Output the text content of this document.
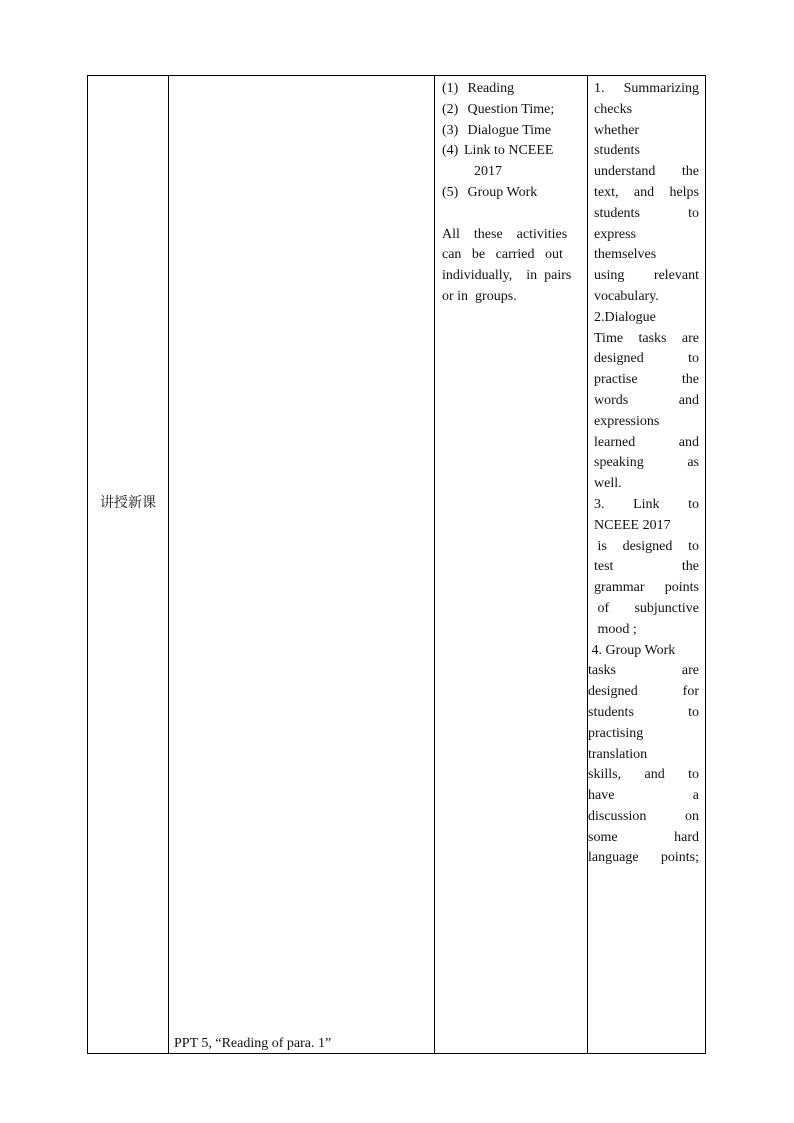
讲授新课
PPT 5, “Reading of para. 1”
(1) Reading
(2) Question Time;
(3) Dialogue Time
(4) Link to NCEEE
2017
(5) Group Work
All    these    activities
can   be   carried   out
individually,    in  pairs
or in  groups.
1. Summarizing
checks
whether
students
understand the
text, and helps
students	to
express
themselves
using relevant
vocabulary.
2. Dialogue
Time tasks are
designed	to
practise	the
words	and
expressions
learned	and
speaking	as
well.
3. Link to
NCEEE 2017
is designed to
test	the
grammar points
of subjunctive
mood ;
4. Group Work
tasks	are
designed	for
students	to
practising
translation
skills, and to
have	a
discussion	on
some	hard
language points;
